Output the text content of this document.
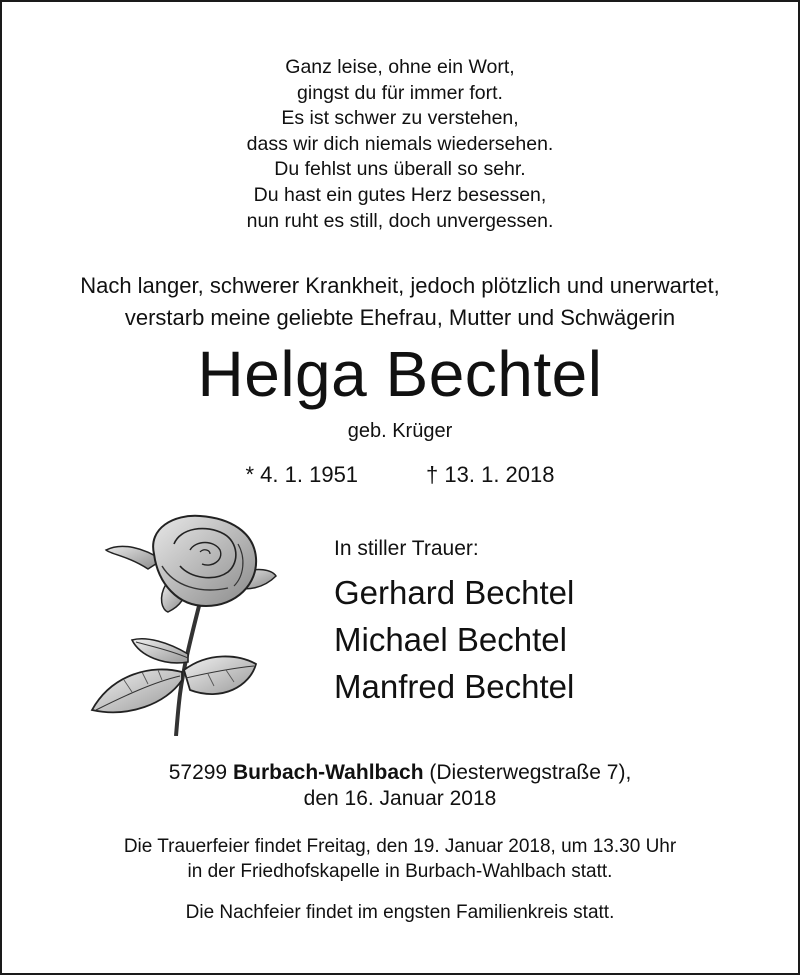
Ganz leise, ohne ein Wort,
gingst du für immer fort.
Es ist schwer zu verstehen,
dass wir dich niemals wiedersehen.
Du fehlst uns überall so sehr.
Du hast ein gutes Herz besessen,
nun ruht es still, doch unvergessen.
Nach langer, schwerer Krankheit, jedoch plötzlich und unerwartet,
verstarb meine geliebte Ehefrau, Mutter und Schwägerin
Helga Bechtel
geb. Krüger
* 4. 1. 1951	† 13. 1. 2018
In stiller Trauer:
Gerhard Bechtel
Michael Bechtel
Manfred Bechtel
57299 Burbach-Wahlbach (Diesterwegstraße 7),
den 16. Januar 2018
Die Trauerfeier findet Freitag, den 19. Januar 2018, um 13.30 Uhr
in der Friedhofskapelle in Burbach-Wahlbach statt.
Die Nachfeier findet im engsten Familienkreis statt.
